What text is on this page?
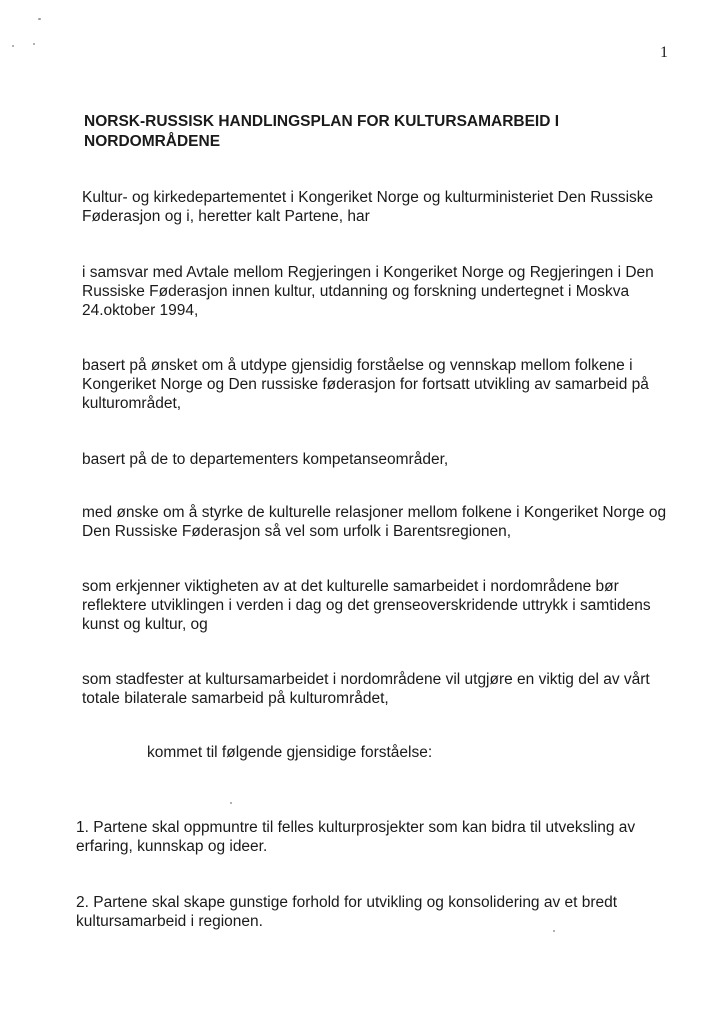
1
NORSK-RUSSISK HANDLINGSPLAN FOR KULTURSAMARBEID I NORDOMRÅDENE

Kultur- og kirkedepartementet i Kongeriket Norge og kulturministeriet Den Russiske Føderasjon og i, heretter kalt Partene, har

i samsvar med Avtale mellom Regjeringen i Kongeriket Norge og Regjeringen i Den Russiske Føderasjon innen kultur, utdanning og forskning undertegnet i Moskva 24.oktober 1994,

basert på ønsket om å utdype gjensidig forståelse og vennskap mellom folkene i Kongeriket Norge og Den russiske føderasjon for fortsatt utvikling av samarbeid på kulturområdet,

basert på de to departementers kompetanseområder,

med ønske om å styrke de kulturelle relasjoner mellom folkene i Kongeriket Norge og Den Russiske Føderasjon så vel som urfolk i Barentsregionen,

som erkjenner viktigheten av at det kulturelle samarbeidet i nordområdene bør reflektere utviklingen i verden i dag og det grenseoverskridende uttrykk i samtidens kunst og kultur, og

som stadfester at kultursamarbeidet i nordområdene vil utgjøre en viktig del av vårt totale bilaterale samarbeid på kulturområdet,

kommet til følgende gjensidige forståelse:

1. Partene skal oppmuntre til felles kulturprosjekter som kan bidra til utveksling av erfaring, kunnskap og ideer.

2. Partene skal skape gunstige forhold for utvikling og konsolidering av et bredt kultursamarbeid i regionen.
